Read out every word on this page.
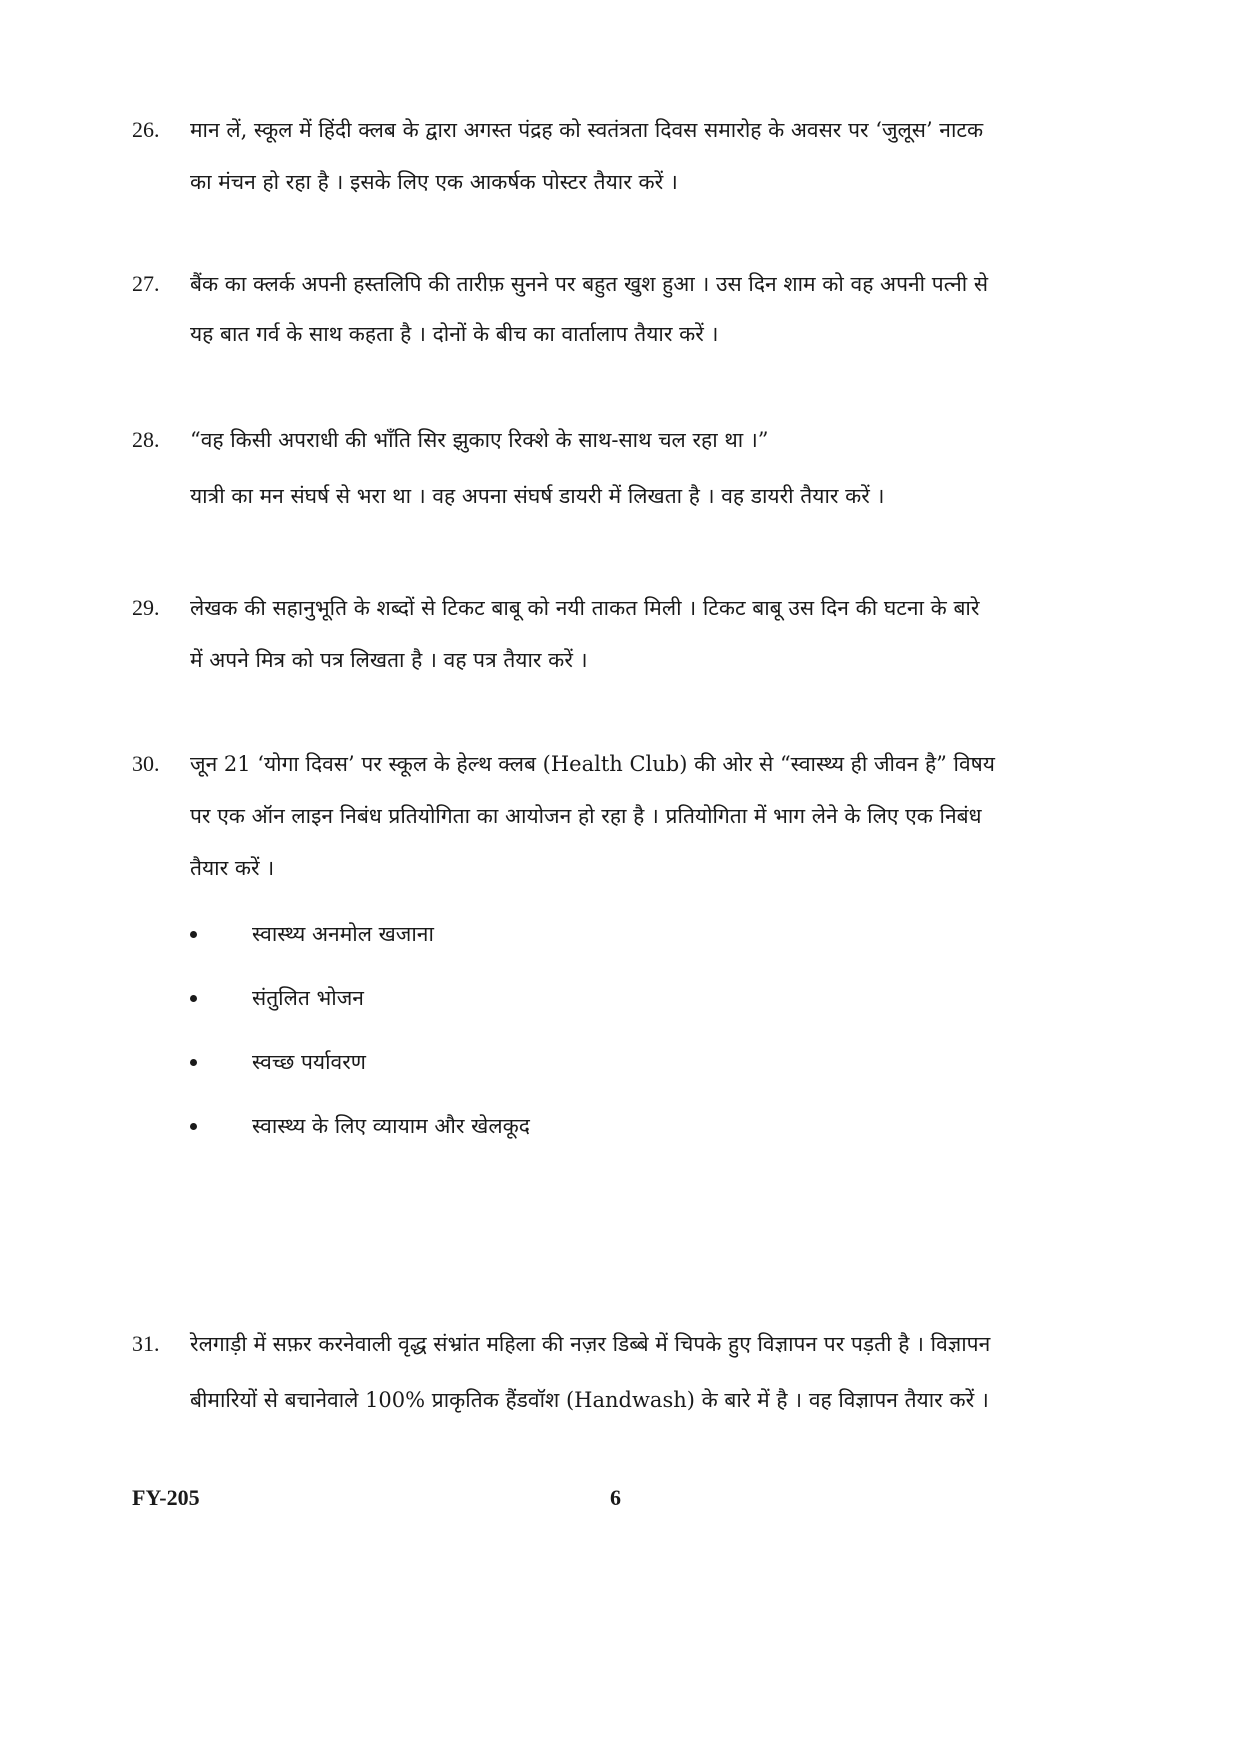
26. मान लें, स्कूल में हिंदी क्लब के द्वारा अगस्त पंद्रह को स्वतंत्रता दिवस समारोह के अवसर पर ‘जुलूस’ नाटक
का मंचन हो रहा है । इसके लिए एक आकर्षक पोस्टर तैयार करें ।
27. बैंक का क्लर्क अपनी हस्तलिपि की तारीफ़ सुनने पर बहुत खुश हुआ । उस दिन शाम को वह अपनी पत्नी से
यह बात गर्व के साथ कहता है । दोनों के बीच का वार्तालाप तैयार करें ।
28. “वह किसी अपराधी की भाँति सिर झुकाए रिक्शे के साथ-साथ चल रहा था ।”
यात्री का मन संघर्ष से भरा था । वह अपना संघर्ष डायरी में लिखता है । वह डायरी तैयार करें ।
29. लेखक की सहानुभूति के शब्दों से टिकट बाबू को नयी ताकत मिली । टिकट बाबू उस दिन की घटना के बारे
में अपने मित्र को पत्र लिखता है । वह पत्र तैयार करें ।
30. जून 21 ‘योगा दिवस’ पर स्कूल के हेल्थ क्लब (Health Club) की ओर से “स्वास्थ्य ही जीवन है” विषय
पर एक ऑन लाइन निबंध प्रतियोगिता का आयोजन हो रहा है । प्रतियोगिता में भाग लेने के लिए एक निबंध
तैयार करें ।
स्वास्थ्य अनमोल खजाना
संतुलित भोजन
स्वच्छ पर्यावरण
स्वास्थ्य के लिए व्यायाम और खेलकूद
31. रेलगाड़ी में सफ़र करनेवाली वृद्ध संभ्रांत महिला की नज़र डिब्बे में चिपके हुए विज्ञापन पर पड़ती है । विज्ञापन
बीमारियों से बचानेवाले 100% प्राकृतिक हैंडवॉश (Handwash) के बारे में है । वह विज्ञापन तैयार करें ।
FY-205	6
